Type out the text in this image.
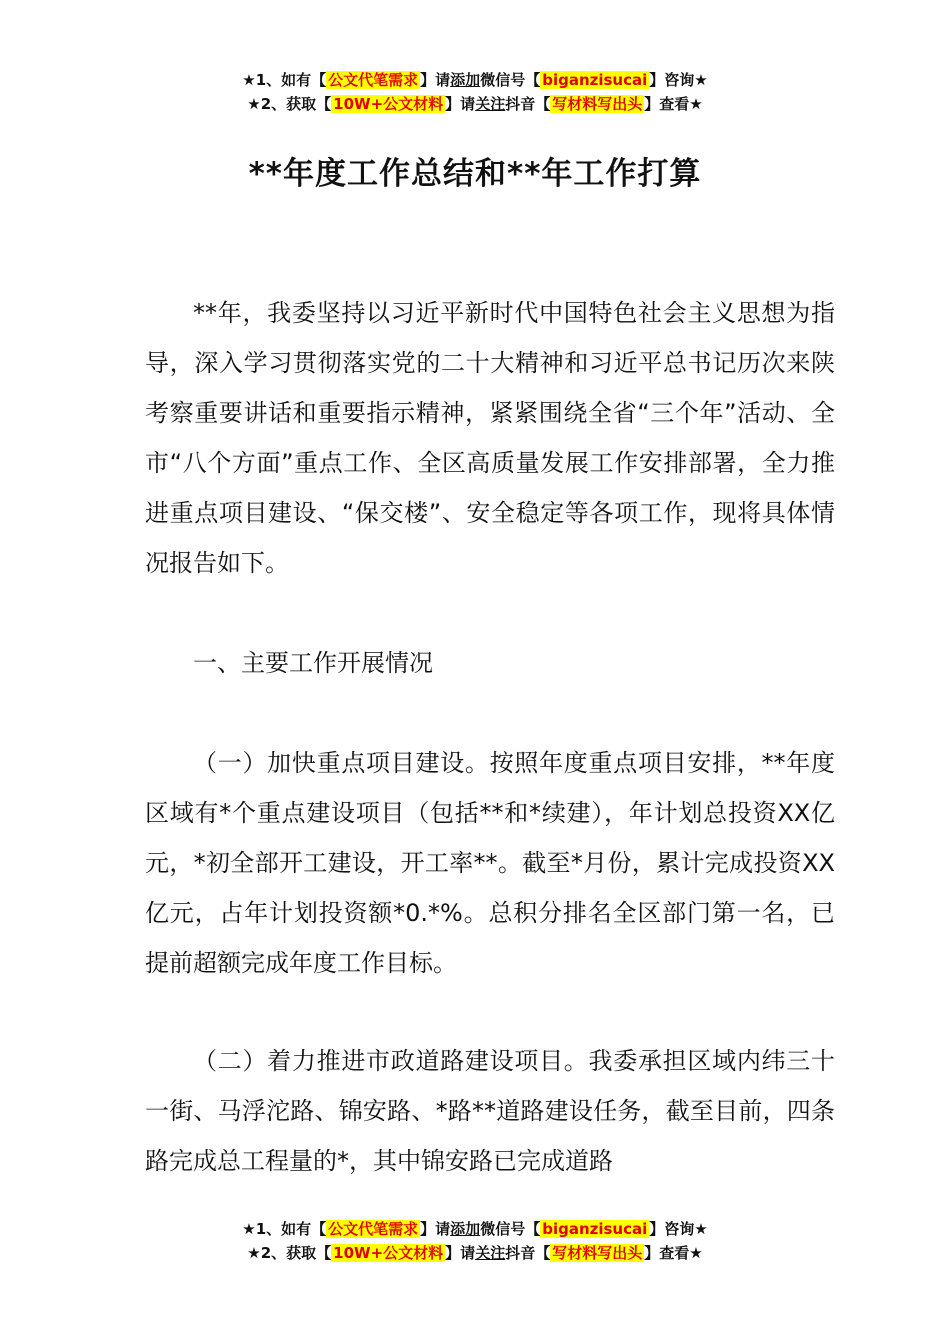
★1、如有【 公文代笔需求 】请添加微信号【 biganzisucai 】咨询★
★2、获取【 10W+公文材料 】请关注抖音【 写材料写出头 】查看★
**年度工作总结和**年工作打算

**年，我委坚持以习近平新时代中国特色社会主义思想为指导，深入学习贯彻落实党的二十大精神和习近平总书记历次来陕考察重要讲话和重要指示精神，紧紧围绕全省“三个年”活动、全市“八个方面”重点工作、全区高质量发展工作安排部署，全力推进重点项目建设、“保交楼”、安全稳定等各项工作，现将具体情况报告如下。

一、主要工作开展情况

（一）加快重点项目建设。按照年度重点项目安排，**年度区域有*个重点建设项目（包括**和*续建），年计划总投资XX亿元，*初全部开工建设，开工率**。截至*月份，累计完成投资XX亿元，占年计划投资额*0.*%。总积分排名全区部门第一名，已提前超额完成年度工作目标。

（二）着力推进市政道路建设项目。我委承担区域内纬三十一街、马浮沱路、锦安路、*路**道路建设任务，截至目前，四条路完成总工程量的*，其中锦安路已完成道路

★1、如有【 公文代笔需求 】请添加微信号【 biganzisucai 】咨询★
★2、获取【 10W+公文材料 】请关注抖音【 写材料写出头 】查看★
